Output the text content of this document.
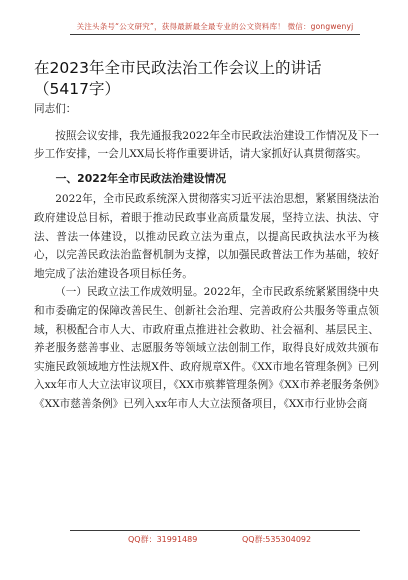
关注头条号“公文研究”，获得最新最全最专业的公文资料库！ 微信：gongwenyj
在2023年全市民政法治工作会议上的讲话（5417字）

同志们：

按照会议安排，我先通报我2022年全市民政法治建设工作情况及下一步工作安排，一会儿XX局长将作重要讲话，请大家抓好认真贯彻落实。

一、2022年全市民政法治建设情况

2022年，全市民政系统深入贯彻落实习近平法治思想，紧紧围绕法治政府建设总目标，着眼于推动民政事业高质量发展，坚持立法、执法、守法、普法一体建设，以推动民政立法为重点，以提高民政执法水平为核心，以完善民政法治监督机制为支撑，以加强民政普法工作为基础，较好地完成了法治建设各项目标任务。

（一）民政立法工作成效明显。2022年，全市民政系统紧紧围绕中央和市委确定的保障改善民生、创新社会治理、完善政府公共服务等重点领域，积极配合市人大、市政府重点推进社会救助、社会福利、基层民主、养老服务慈善事业、志愿服务等领域立法创制工作，取得良好成效共颁布实施民政领域地方性法规X件、政府规章X件。《XX市地名管理条例》已列入xx年市人大立法审议项目，《XX市殡葬管理条例》《XX市养老服务条例》《XX市慈善条例》已列入xx年市人大立法预备项目，《XX市行业协会商

QQ群：31991489	QQ群:535304092
